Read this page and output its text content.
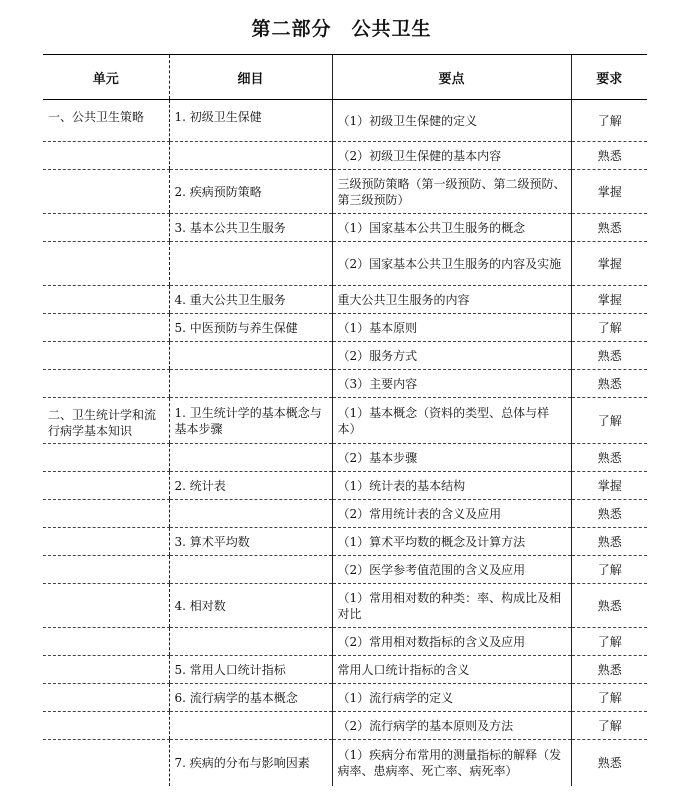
第二部分　公共卫生
单元	细目	要点	要求
一、公共卫生策略	1. 初级卫生保健	（1）初级卫生保健的定义	了解
		（2）初级卫生保健的基本内容	熟悉
	2. 疾病预防策略	三级预防策略（第一级预防、第二级预防、第三级预防）	掌握
	3. 基本公共卫生服务	（1）国家基本公共卫生服务的概念	熟悉
		（2）国家基本公共卫生服务的内容及实施	掌握
	4. 重大公共卫生服务	重大公共卫生服务的内容	掌握
	5. 中医预防与养生保健	（1）基本原则	了解
		（2）服务方式	熟悉
		（3）主要内容	熟悉
二、卫生统计学和流行病学基本知识	1. 卫生统计学的基本概念与基本步骤	（1）基本概念（资料的类型、总体与样本）	了解
		（2）基本步骤	熟悉
	2. 统计表	（1）统计表的基本结构	掌握
		（2）常用统计表的含义及应用	熟悉
	3. 算术平均数	（1）算术平均数的概念及计算方法	熟悉
		（2）医学参考值范围的含义及应用	了解
	4. 相对数	（1）常用相对数的种类：率、构成比及相对比	熟悉
		（2）常用相对数指标的含义及应用	了解
	5. 常用人口统计指标	常用人口统计指标的含义	熟悉
	6. 流行病学的基本概念	（1）流行病学的定义	了解
		（2）流行病学的基本原则及方法	了解
	7. 疾病的分布与影响因素	（1）疾病分布常用的测量指标的解释（发病率、患病率、死亡率、病死率）	熟悉
